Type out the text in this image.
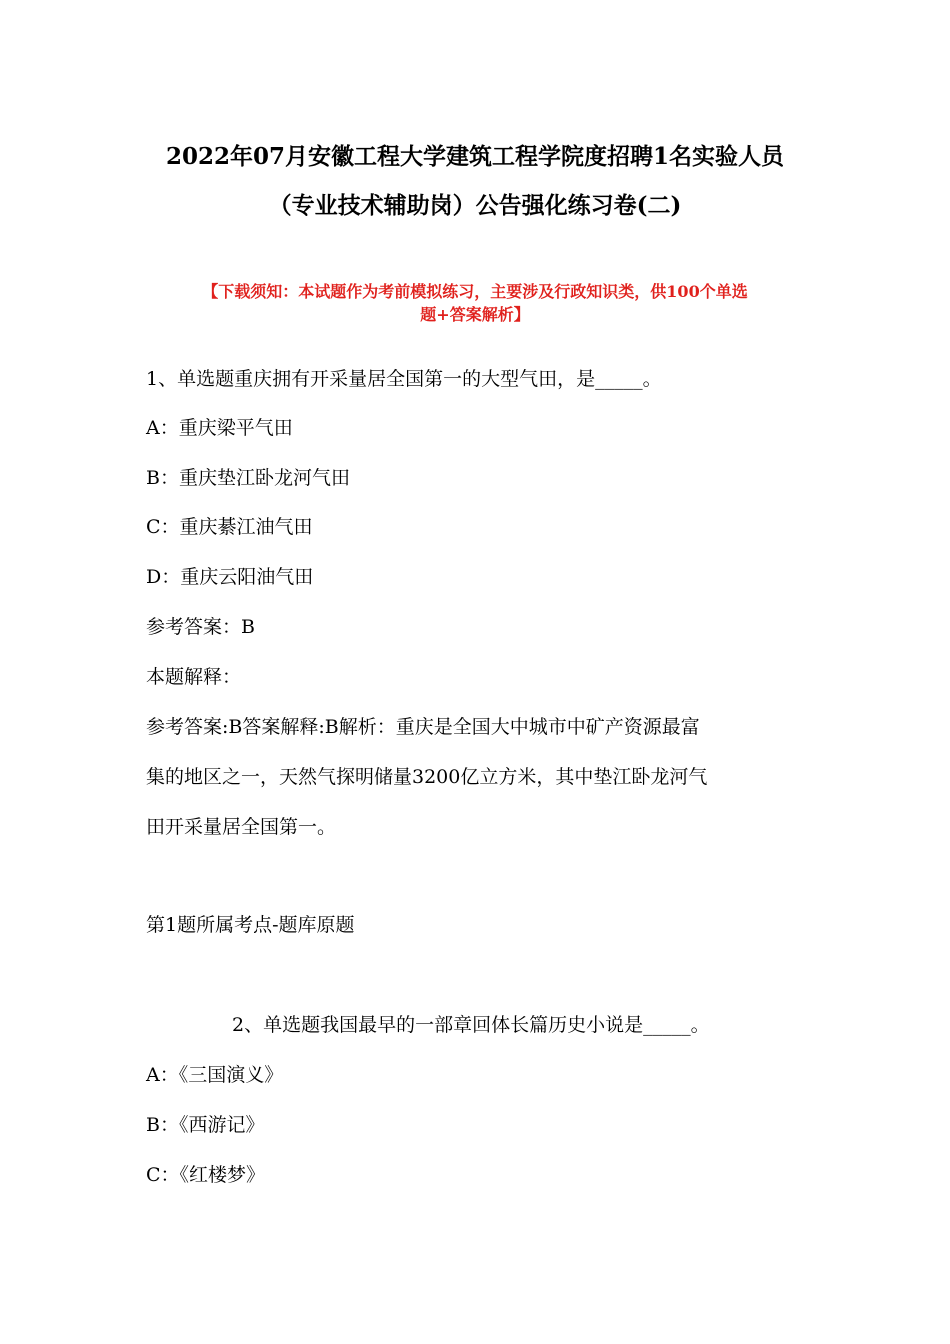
2022年07月安徽工程大学建筑工程学院度招聘1名实验人员
（专业技术辅助岗）公告强化练习卷(二)
【下载须知：本试题作为考前模拟练习，主要涉及行政知识类，供100个单选
题+答案解析】
1、单选题重庆拥有开采量居全国第一的大型气田，是_____。
A：重庆梁平气田
B：重庆垫江卧龙河气田
C：重庆綦江油气田
D：重庆云阳油气田
参考答案：B
本题解释：
参考答案:B答案解释:B解析：重庆是全国大中城市中矿产资源最富
集的地区之一，天然气探明储量3200亿立方米，其中垫江卧龙河气
田开采量居全国第一。
第1题所属考点-题库原题
2、单选题我国最早的一部章回体长篇历史小说是_____。
A：《三国演义》
B：《西游记》
C：《红楼梦》
